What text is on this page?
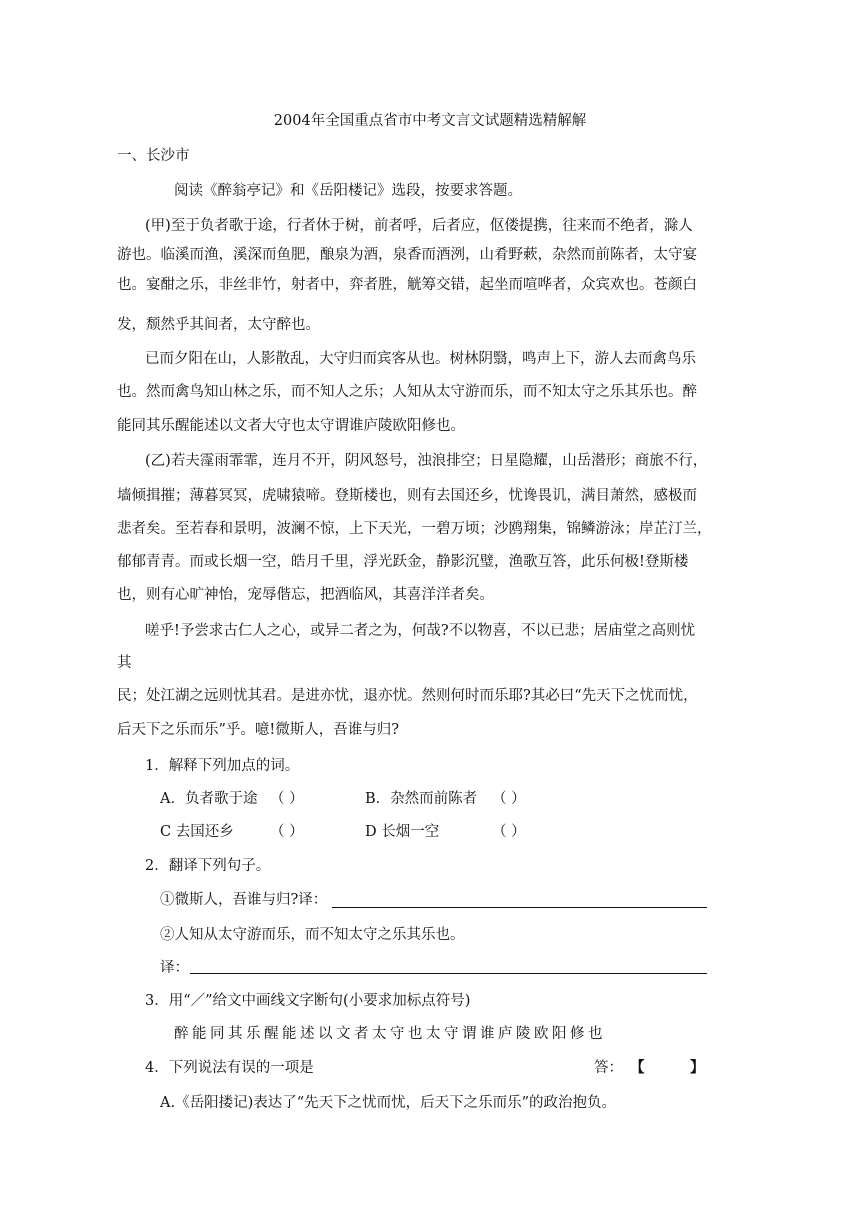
2004年全国重点省市中考文言文试题精选精解解
一、长沙市
阅读《醉翁亭记》和《岳阳楼记》选段，按要求答题。
(甲)至于负者歌于途，行者休于树，前者呼，后者应，伛偻提携，往来而不绝者，滁人
游也。临溪而渔，溪深而鱼肥，酿泉为酒，泉香而酒洌，山肴野蔌，杂然而前陈者，太守宴
也。宴酣之乐，非丝非竹，射者中，弈者胜，觥筹交错，起坐而喧哗者，众宾欢也。苍颜白
发，颓然乎其间者，太守醉也。
已而夕阳在山，人影散乱，大守归而宾客从也。树林阴翳，鸣声上下，游人去而禽鸟乐
也。然而禽鸟知山林之乐，而不知人之乐；人知从太守游而乐，而不知太守之乐其乐也。醉
能同其乐醒能述以文者大守也太守谓谁庐陵欧阳修也。
(乙)若夫霪雨霏霏，连月不开，阴风怒号，浊浪排空；日星隐耀，山岳潜形；商旅不行，
墙倾揖摧；薄暮冥冥，虎啸猿啼。登斯楼也，则有去国还乡，忧谗畏讥，满目萧然，感极而
悲者矣。至若春和景明，波澜不惊，上下天光，一碧万顷；沙鸥翔集，锦鳞游泳；岸芷汀兰，
郁郁青青。而或长烟一空，皓月千里，浮光跃金，静影沉璧，渔歌互答，此乐何极!登斯楼
也，则有心旷神怡，宠辱偕忘，把酒临风，其喜洋洋者矣。
嗟乎!予尝求古仁人之心，或异二者之为，何哉?不以物喜，不以已悲；居庙堂之高则忧
其
民；处江湖之远则忧其君。是进亦忧，退亦忧。然则何时而乐耶?其必曰“先天下之忧而忧，
后天下之乐而乐”乎。噫!微斯人，吾谁与归?
1．解释下列加点的词。
A．负者歌于途 （ ）	B．杂然而前陈者 （ ）
C 去国还乡	（ ）	D 长烟一空	（ ）
2．翻译下列句子。
①微斯人，吾谁与归?译：
②人知从太守游而乐，而不知太守之乐其乐也。
译：
3．用“／”给文中画线文字断句(小要求加标点符号)
醉能同其乐醒能述以文者太守也太守谓谁庐陵欧阳修也
4．下列说法有误的一项是	答： 【	】
A.《岳阳搂记)表达了“先天下之忧而忧，后天下之乐而乐”的政治抱负。
